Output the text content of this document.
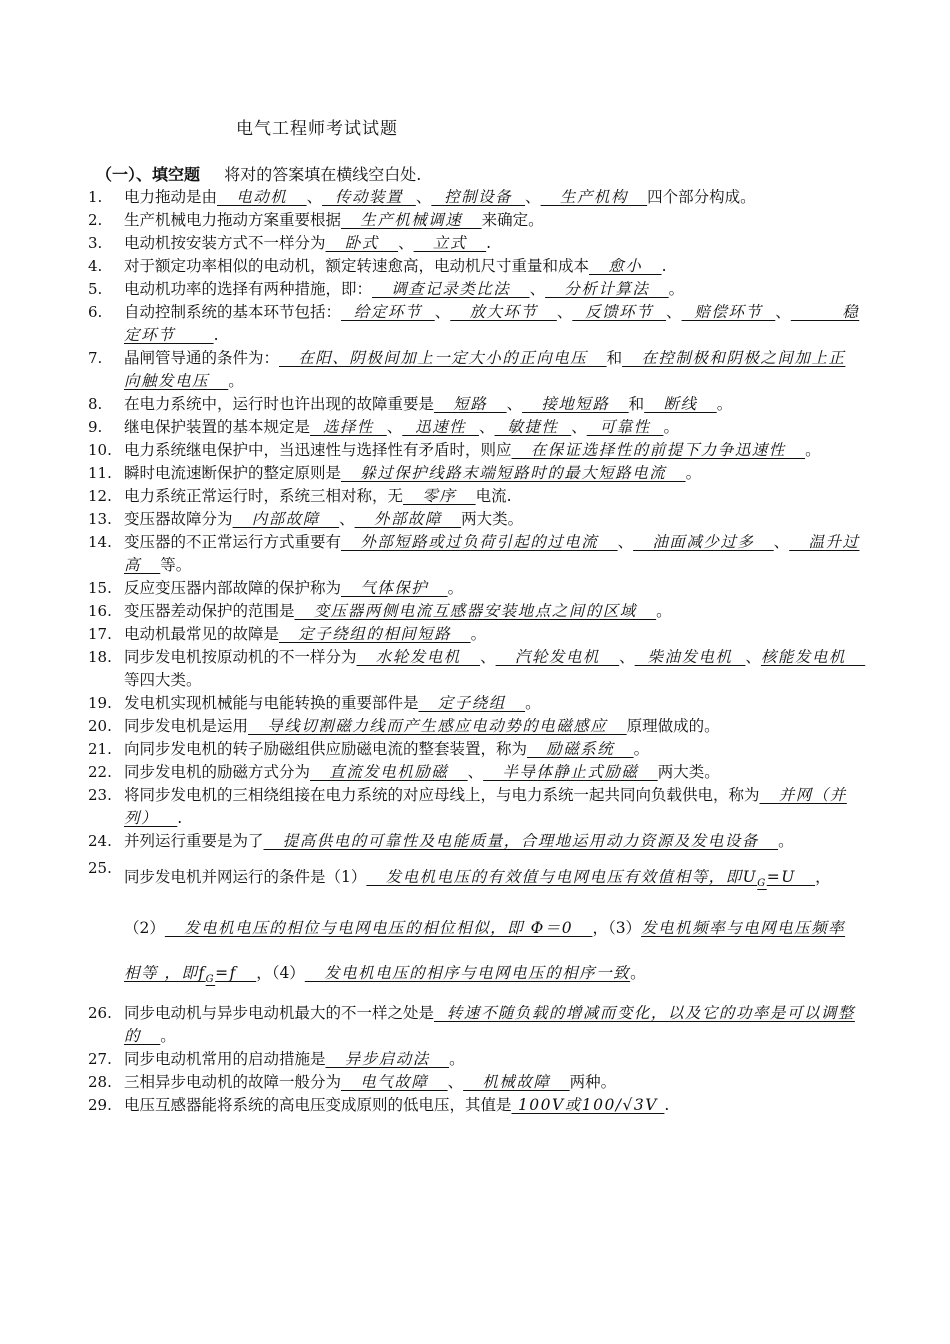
电气工程师考试试题
（一）、填空题 将对的答案填在横线空白处.
1.	电力拖动是由   电动机   、  传动装置  、  控制设备  、   生产机构   四个部分构成。
2.	生产机械电力拖动方案重要根据   生产机械调速   来确定。
3.	电动机按安装方式不一样分为   卧式   、   立式   .
4.	对于额定功率相似的电动机，额定转速愈高，电动机尺寸重量和成本   愈小   .
5.	电动机功率的选择有两种措施，即：   调查记录类比法   、   分析计算法   。
6.	自动控制系统的基本环节包括：  给定环节  、   放大环节   、  反馈环节  、  赔偿环节  、        稳定环节      .
7.	晶闸管导通的条件为：   在阳、阴极间加上一定大小的正向电压   和   在控制极和阴极之间加上正向触发电压   。
8.	在电力系统中，运行时也许出现的故障重要是   短路   、   接地短路   和   断线   。
9.	继电保护装置的基本规定是  选择性  、  迅速性  、  敏捷性  、  可靠性  。
10. 电力系统继电保护中，当迅速性与选择性有矛盾时，则应   在保证选择性的前提下力争迅速性   。
11. 瞬时电流速断保护的整定原则是   躲过保护线路末端短路时的最大短路电流   。
12. 电力系统正常运行时，系统三相对称，无   零序   电流.
13. 变压器故障分为   内部故障   、   外部故障   两大类。
14. 变压器的不正常运行方式重要有   外部短路或过负荷引起的过电流   、   油面减少过多   、   温升过高   等。
15. 反应变压器内部故障的保护称为   气体保护   。
16. 变压器差动保护的范围是   变压器两侧电流互感器安装地点之间的区域   。
17. 电动机最常见的故障是   定子绕组的相间短路   。
18. 同步发电机按原动机的不一样分为   水轮发电机   、   汽轮发电机   、  柴油发电机  、核能发电机   等四大类。
19. 发电机实现机械能与电能转换的重要部件是   定子绕组   。
20. 同步发电机是运用   导线切割磁力线而产生感应电动势的电磁感应   原理做成的。
21. 向同步发电机的转子励磁组供应励磁电流的整套装置，称为   励磁系统   。
22. 同步发电机的励磁方式分为   直流发电机励磁   、   半导体静止式励磁   两大类。
23. 将同步发电机的三相绕组接在电力系统的对应母线上，与电力系统一起共同向负载供电，称为   并网（并列）   .
24. 并列运行重要是为了   提高供电的可靠性及电能质量，合理地运用动力资源及发电设备   。
25. 同步发电机并网运行的条件是（1）   发电机电压的有效值与电网电压有效值相等，即$U_G=U$   ，（2）   发电机电压的相位与电网电压的相位相似，即 Φ＝0   ，（3）发电机频率与电网电压频率相等 ，即$f_G=f$   ，（4）   发电机电压的相序与电网电压的相序一致。
26. 同步电动机与异步电动机最大的不一样之处是  转速不随负载的增减而变化，以及它的功率是可以调整的   。
27. 同步电动机常用的启动措施是   异步启动法   。
28. 三相异步电动机的故障一般分为   电气故障   、   机械故障   两种。
29. 电压互感器能将系统的高电压变成原则的低电压，其值是 100V或100/√3V .
